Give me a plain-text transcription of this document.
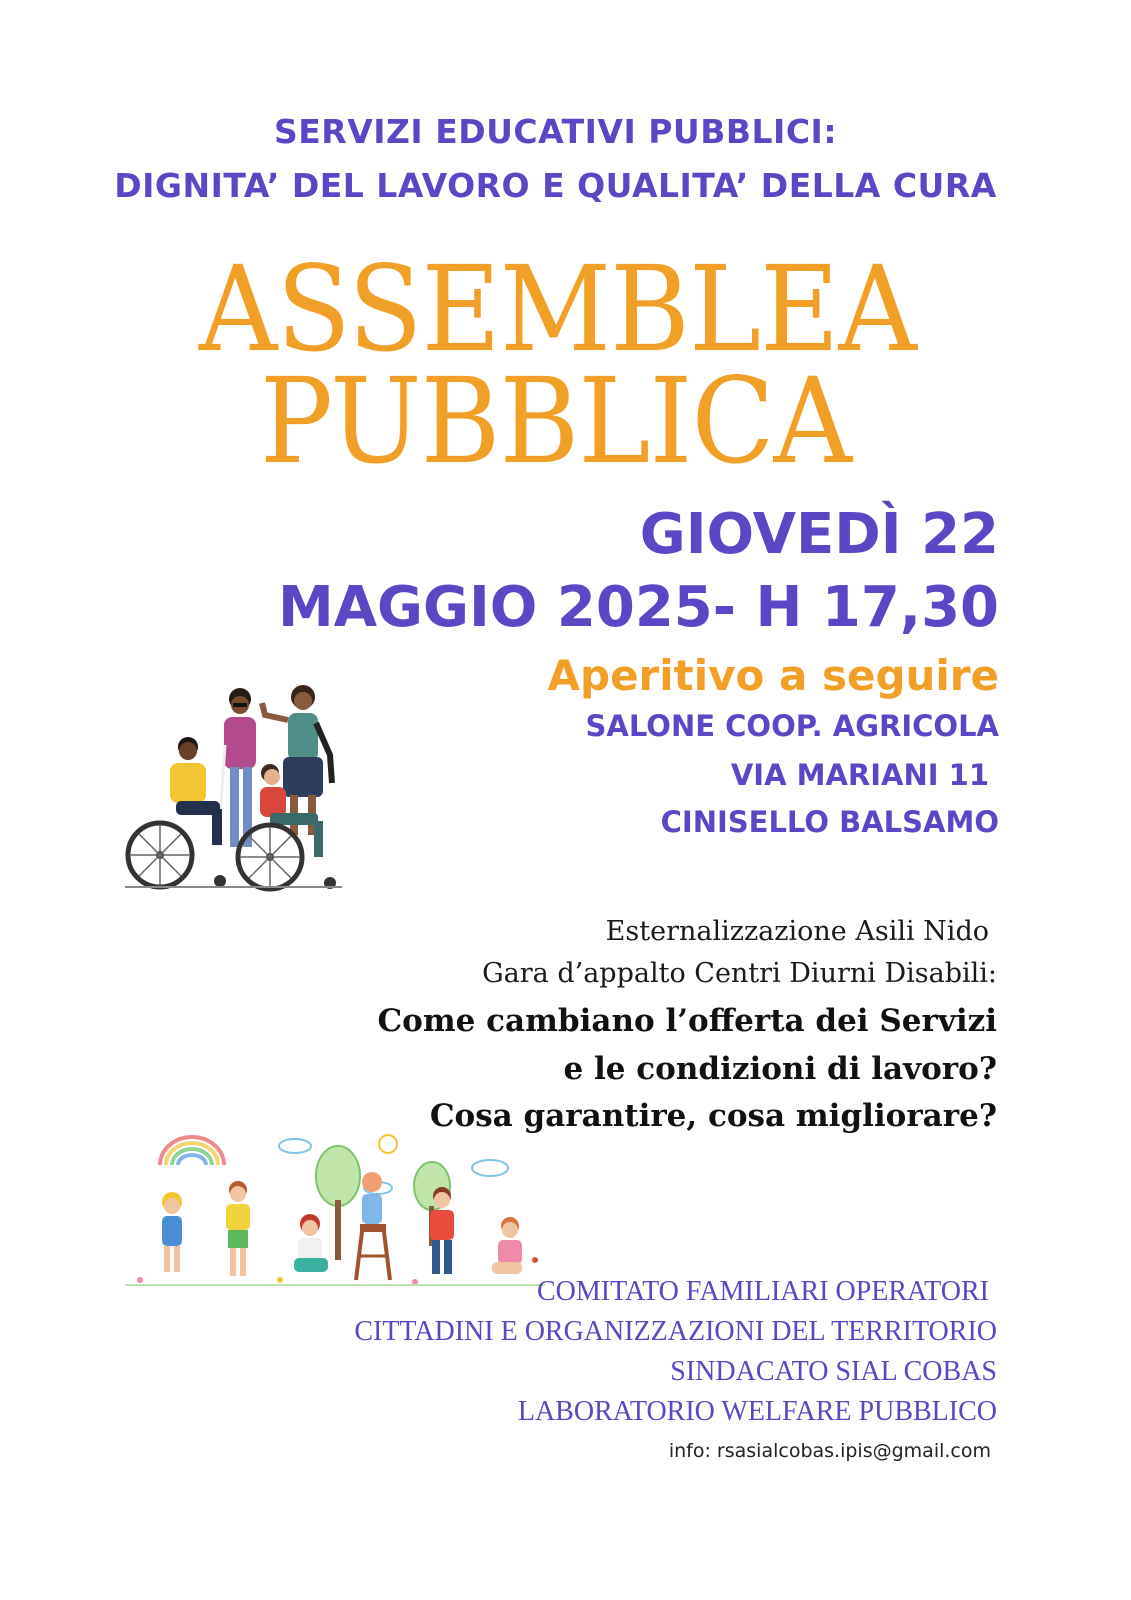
SERVIZI EDUCATIVI PUBBLICI:
DIGNITA’ DEL LAVORO E QUALITA’ DELLA CURA
ASSEMBLEA
PUBBLICA
GIOVEDÌ 22
MAGGIO 2025- H 17,30
Aperitivo a seguire
SALONE COOP. AGRICOLA
VIA MARIANI 11
CINISELLO BALSAMO
Esternalizzazione Asili Nido
Gara d’appalto Centri Diurni Disabili:
Come cambiano l’offerta dei Servizi
e le condizioni di lavoro?
Cosa garantire, cosa migliorare?
COMITATO FAMILIARI OPERATORI
CITTADINI E ORGANIZZAZIONI DEL TERRITORIO
SINDACATO SIAL COBAS
LABORATORIO WELFARE PUBBLICO
info: rsasialcobas.ipis@gmail.com
